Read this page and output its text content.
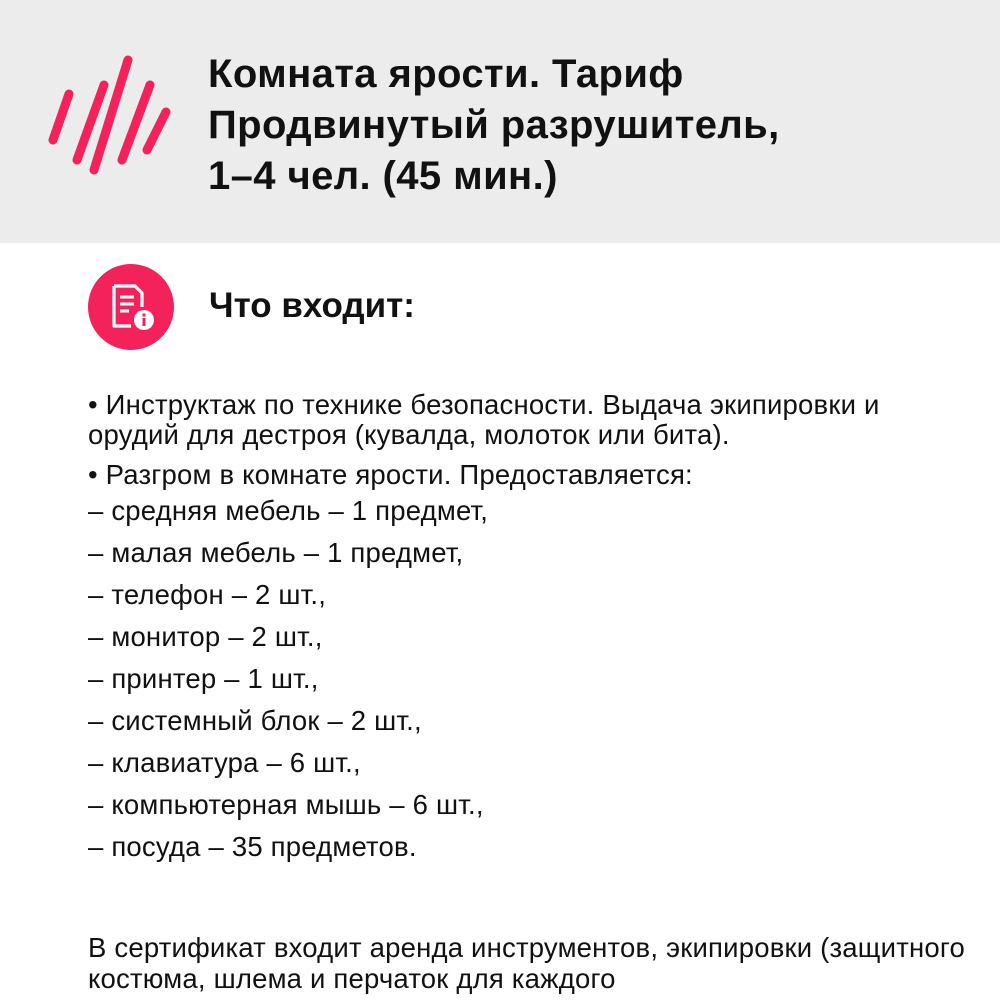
Комната ярости. Тариф
Продвинутый разрушитель,
1–4 чел. (45 мин.)
Что входит:

• Инструктаж по технике безопасности. Выдача экипировки и орудий для дестроя (кувалда, молоток или бита).

• Разгром в комнате ярости. Предоставляется:

– средняя мебель – 1 предмет,
– малая мебель – 1 предмет,
– телефон – 2 шт.,
– монитор – 2 шт.,
– принтер – 1 шт.,
– системный блок – 2 шт.,
– клавиатура – 6 шт.,
– компьютерная мышь – 6 шт.,
– посуда – 35 предметов.
В сертификат входит аренда инструментов, экипировки (защитного костюма, шлема и перчаток для каждого
